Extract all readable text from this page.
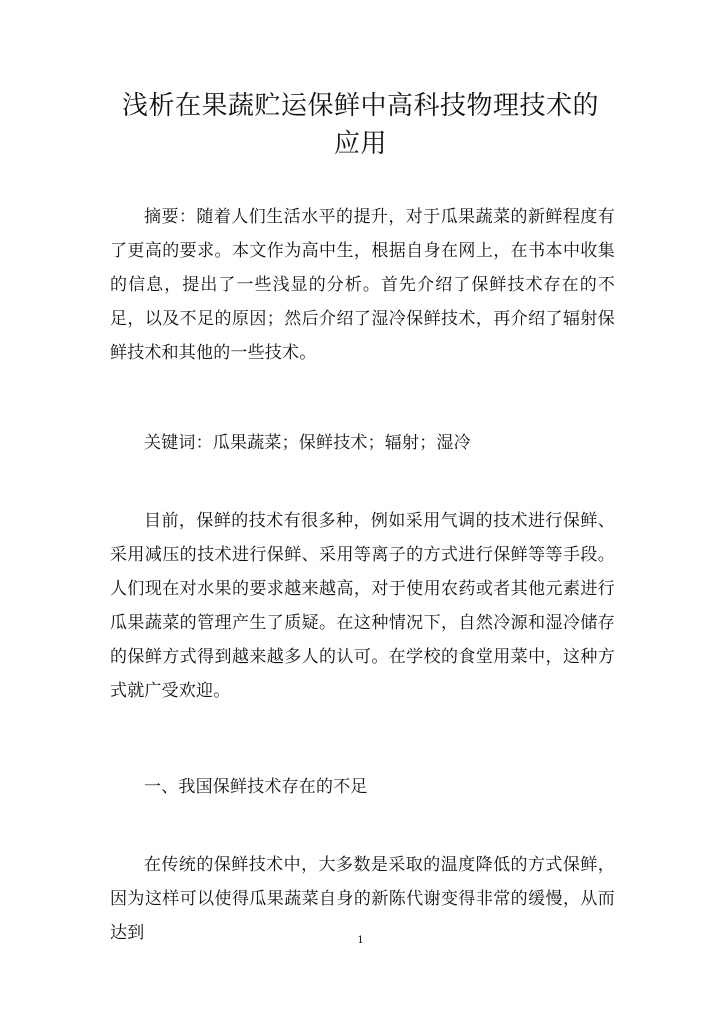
浅析在果蔬贮运保鲜中高科技物理技术的
应用

摘要：随着人们生活水平的提升，对于瓜果蔬菜的新鲜程度有了更高的要求。本文作为高中生，根据自身在网上，在书本中收集的信息，提出了一些浅显的分析。首先介绍了保鲜技术存在的不足，以及不足的原因；然后介绍了湿冷保鲜技术，再介绍了辐射保鲜技术和其他的一些技术。

关键词：瓜果蔬菜；保鲜技术；辐射；湿冷

目前，保鲜的技术有很多种，例如采用气调的技术进行保鲜、采用减压的技术进行保鲜、采用等离子的方式进行保鲜等等手段。人们现在对水果的要求越来越高，对于使用农药或者其他元素进行瓜果蔬菜的管理产生了质疑。在这种情况下，自然冷源和湿冷储存的保鲜方式得到越来越多人的认可。在学校的食堂用菜中，这种方式就广受欢迎。

一、我国保鲜技术存在的不足

在传统的保鲜技术中，大多数是采取的温度降低的方式保鲜，因为这样可以使得瓜果蔬菜自身的新陈代谢变得非常的缓慢，从而达到	1
